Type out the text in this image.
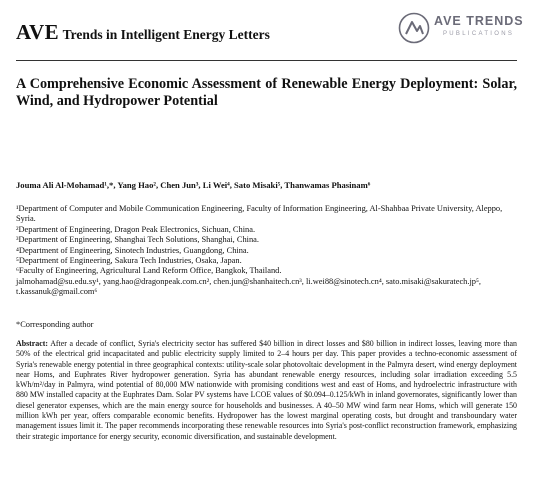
AVE Trends in Intelligent Energy Letters
AVE TRENDS
PUBLICATIONS
A Comprehensive Economic Assessment of Renewable Energy Deployment: Solar, Wind, and Hydropower Potential
Jouma Ali Al-Mohamad¹,*, Yang Hao², Chen Jun³, Li Wei⁴, Sato Misaki⁵, Thanwamas Phasinam⁶
¹Department of Computer and Mobile Communication Engineering, Faculty of Information Engineering, Al-Shahbaa Private University, Aleppo, Syria.
²Department of Engineering, Dragon Peak Electronics, Sichuan, China.
³Department of Engineering, Shanghai Tech Solutions, Shanghai, China.
⁴Department of Engineering, Sinotech Industries, Guangdong, China.
⁵Department of Engineering, Sakura Tech Industries, Osaka, Japan.
⁶Faculty of Engineering, Agricultural Land Reform Office, Bangkok, Thailand.
jalmohamad@su.edu.sy¹, yang.hao@dragonpeak.com.cn², chen.jun@shanhaitech.cn³, li.wei88@sinotech.cn⁴, sato.misaki@sakuratech.jp⁵, t.kassanuk@gmail.com⁶
*Corresponding author
Abstract: After a decade of conflict, Syria's electricity sector has suffered $40 billion in direct losses and $80 billion in indirect losses, leaving more than 50% of the electrical grid incapacitated and public electricity supply limited to 2–4 hours per day. This paper provides a techno-economic assessment of Syria's renewable energy potential in three geographical contexts: utility-scale solar photovoltaic development in the Palmyra desert, wind energy deployment near Homs, and Euphrates River hydropower generation. Syria has abundant renewable energy resources, including solar irradiation exceeding 5.5 kWh/m²/day in Palmyra, wind potential of 80,000 MW nationwide with promising conditions west and east of Homs, and hydroelectric infrastructure with 880 MW installed capacity at the Euphrates Dam. Solar PV systems have LCOE values of $0.094–0.125/kWh in inland governorates, significantly lower than diesel generator expenses, which are the main energy source for households and businesses. A 40–50 MW wind farm near Homs, which will generate 150 million kWh per year, offers comparable economic benefits. Hydropower has the lowest marginal operating costs, but drought and transboundary water management issues limit it. The paper recommends incorporating these renewable resources into Syria's post-conflict reconstruction framework, emphasizing their strategic importance for energy security, economic diversification, and sustainable development.
